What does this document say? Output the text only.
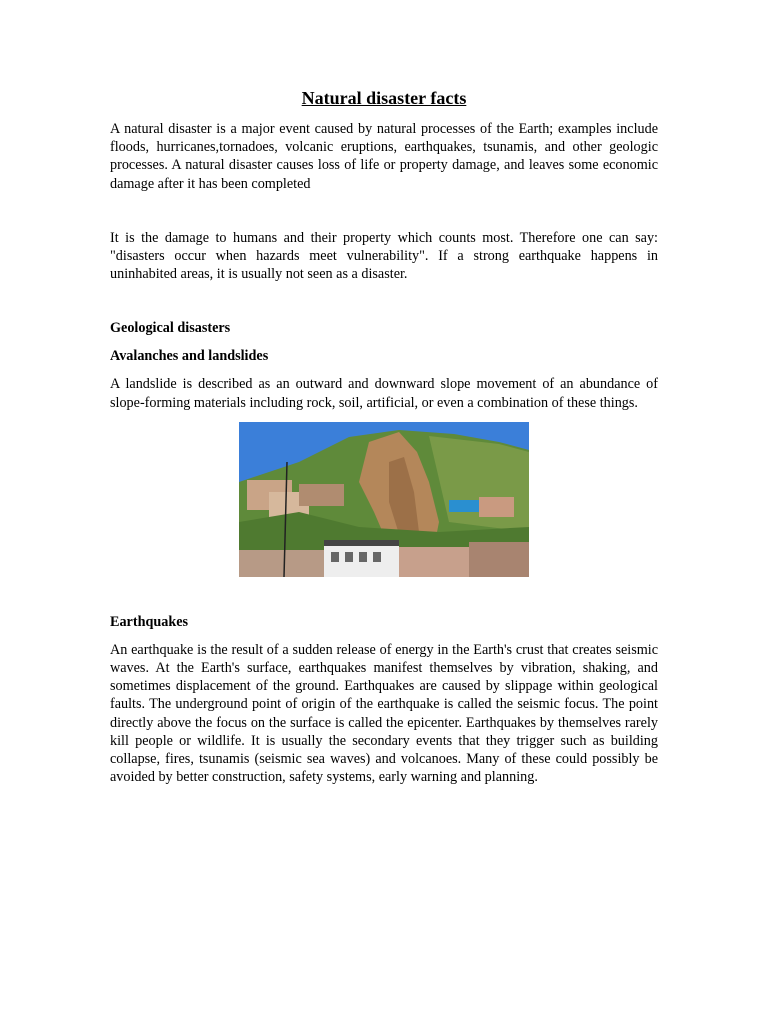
Natural disaster facts

A natural disaster is a major event caused by natural processes of the Earth; examples include floods, hurricanes,tornadoes, volcanic eruptions, earthquakes, tsunamis, and other geologic processes. A natural disaster causes loss of life or property damage, and leaves some economic damage after it has been completed

It is the damage to humans and their property which counts most. Therefore one can say: "disasters occur when hazards meet vulnerability". If a strong earthquake happens in uninhabited areas, it is usually not seen as a disaster.

Geological disasters

Avalanches and landslides

A landslide is described as an outward and downward slope movement of an abundance of slope-forming materials including rock, soil, artificial, or even a combination of these things.

Earthquakes

An earthquake is the result of a sudden release of energy in the Earth's crust that creates seismic waves. At the Earth's surface, earthquakes manifest themselves by vibration, shaking, and sometimes displacement of the ground. Earthquakes are caused by slippage within geological faults. The underground point of origin of the earthquake is called the seismic focus. The point directly above the focus on the surface is called the epicenter. Earthquakes by themselves rarely kill people or wildlife. It is usually the secondary events that they trigger such as building collapse, fires, tsunamis (seismic sea waves) and volcanoes. Many of these could possibly be avoided by better construction, safety systems, early warning and planning.
